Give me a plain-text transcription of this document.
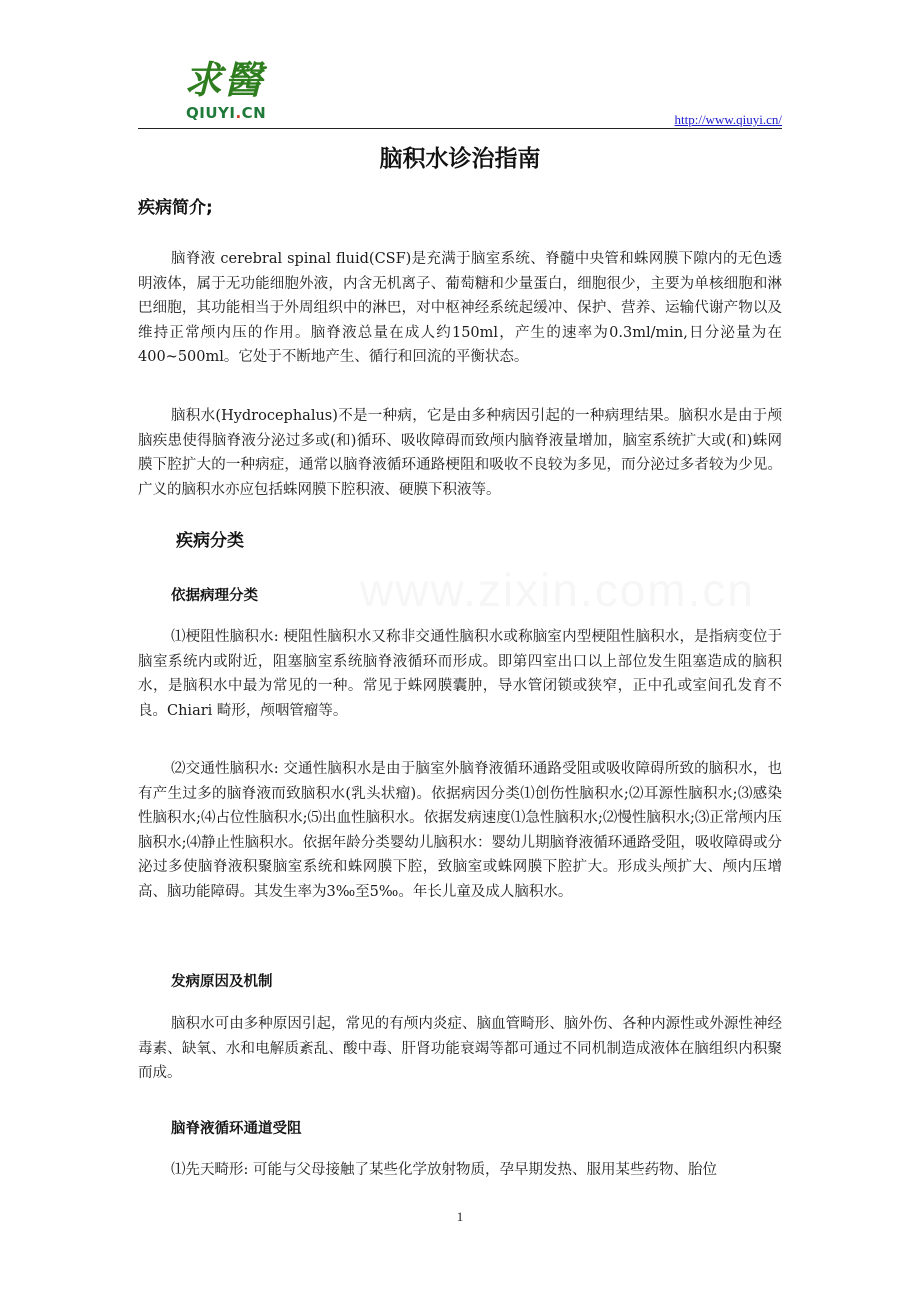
求醫
QIUYI.CN	http://www.qiuyi.cn/
脑积水诊治指南
疾病简介;

脑脊液 cerebral spinal fluid(CSF)是充满于脑室系统、脊髓中央管和蛛网膜下隙内的无色透明液体，属于无功能细胞外液，内含无机离子、葡萄糖和少量蛋白，细胞很少，主要为单核细胞和淋巴细胞，其功能相当于外周组织中的淋巴，对中枢神经系统起缓冲、保护、营养、运输代谢产物以及维持正常颅内压的作用。脑脊液总量在成人约150ml，产生的速率为0.3ml/min,日分泌量为在400~500ml。它处于不断地产生、循行和回流的平衡状态。

脑积水(Hydrocephalus)不是一种病，它是由多种病因引起的一种病理结果。脑积水是由于颅脑疾患使得脑脊液分泌过多或(和)循环、吸收障碍而致颅内脑脊液量增加，脑室系统扩大或(和)蛛网膜下腔扩大的一种病症，通常以脑脊液循环通路梗阻和吸收不良较为多见，而分泌过多者较为少见。广义的脑积水亦应包括蛛网膜下腔积液、硬膜下积液等。

疾病分类
依据病理分类

⑴梗阻性脑积水: 梗阻性脑积水又称非交通性脑积水或称脑室内型梗阻性脑积水，是指病变位于脑室系统内或附近，阻塞脑室系统脑脊液循环而形成。即第四室出口以上部位发生阻塞造成的脑积水，是脑积水中最为常见的一种。常见于蛛网膜囊肿，导水管闭锁或狭窄，正中孔或室间孔发育不良。Chiari 畸形，颅咽管瘤等。

⑵交通性脑积水: 交通性脑积水是由于脑室外脑脊液循环通路受阻或吸收障碍所致的脑积水，也有产生过多的脑脊液而致脑积水(乳头状瘤)。依据病因分类⑴创伤性脑积水;⑵耳源性脑积水;⑶感染性脑积水;⑷占位性脑积水;⑸出血性脑积水。依据发病速度⑴急性脑积水;⑵慢性脑积水;⑶正常颅内压脑积水;⑷静止性脑积水。依据年龄分类婴幼儿脑积水：婴幼儿期脑脊液循环通路受阻，吸收障碍或分泌过多使脑脊液积聚脑室系统和蛛网膜下腔，致脑室或蛛网膜下腔扩大。形成头颅扩大、颅内压增高、脑功能障碍。其发生率为3‰至5‰。年长儿童及成人脑积水。

发病原因及机制

脑积水可由多种原因引起，常见的有颅内炎症、脑血管畸形、脑外伤、各种内源性或外源性神经毒素、缺氧、水和电解质紊乱、酸中毒、肝肾功能衰竭等都可通过不同机制造成液体在脑组织内积聚而成。

脑脊液循环通道受阻

⑴先天畸形: 可能与父母接触了某些化学放射物质，孕早期发热、服用某些药物、胎位

www.zixin.com.cn
1
